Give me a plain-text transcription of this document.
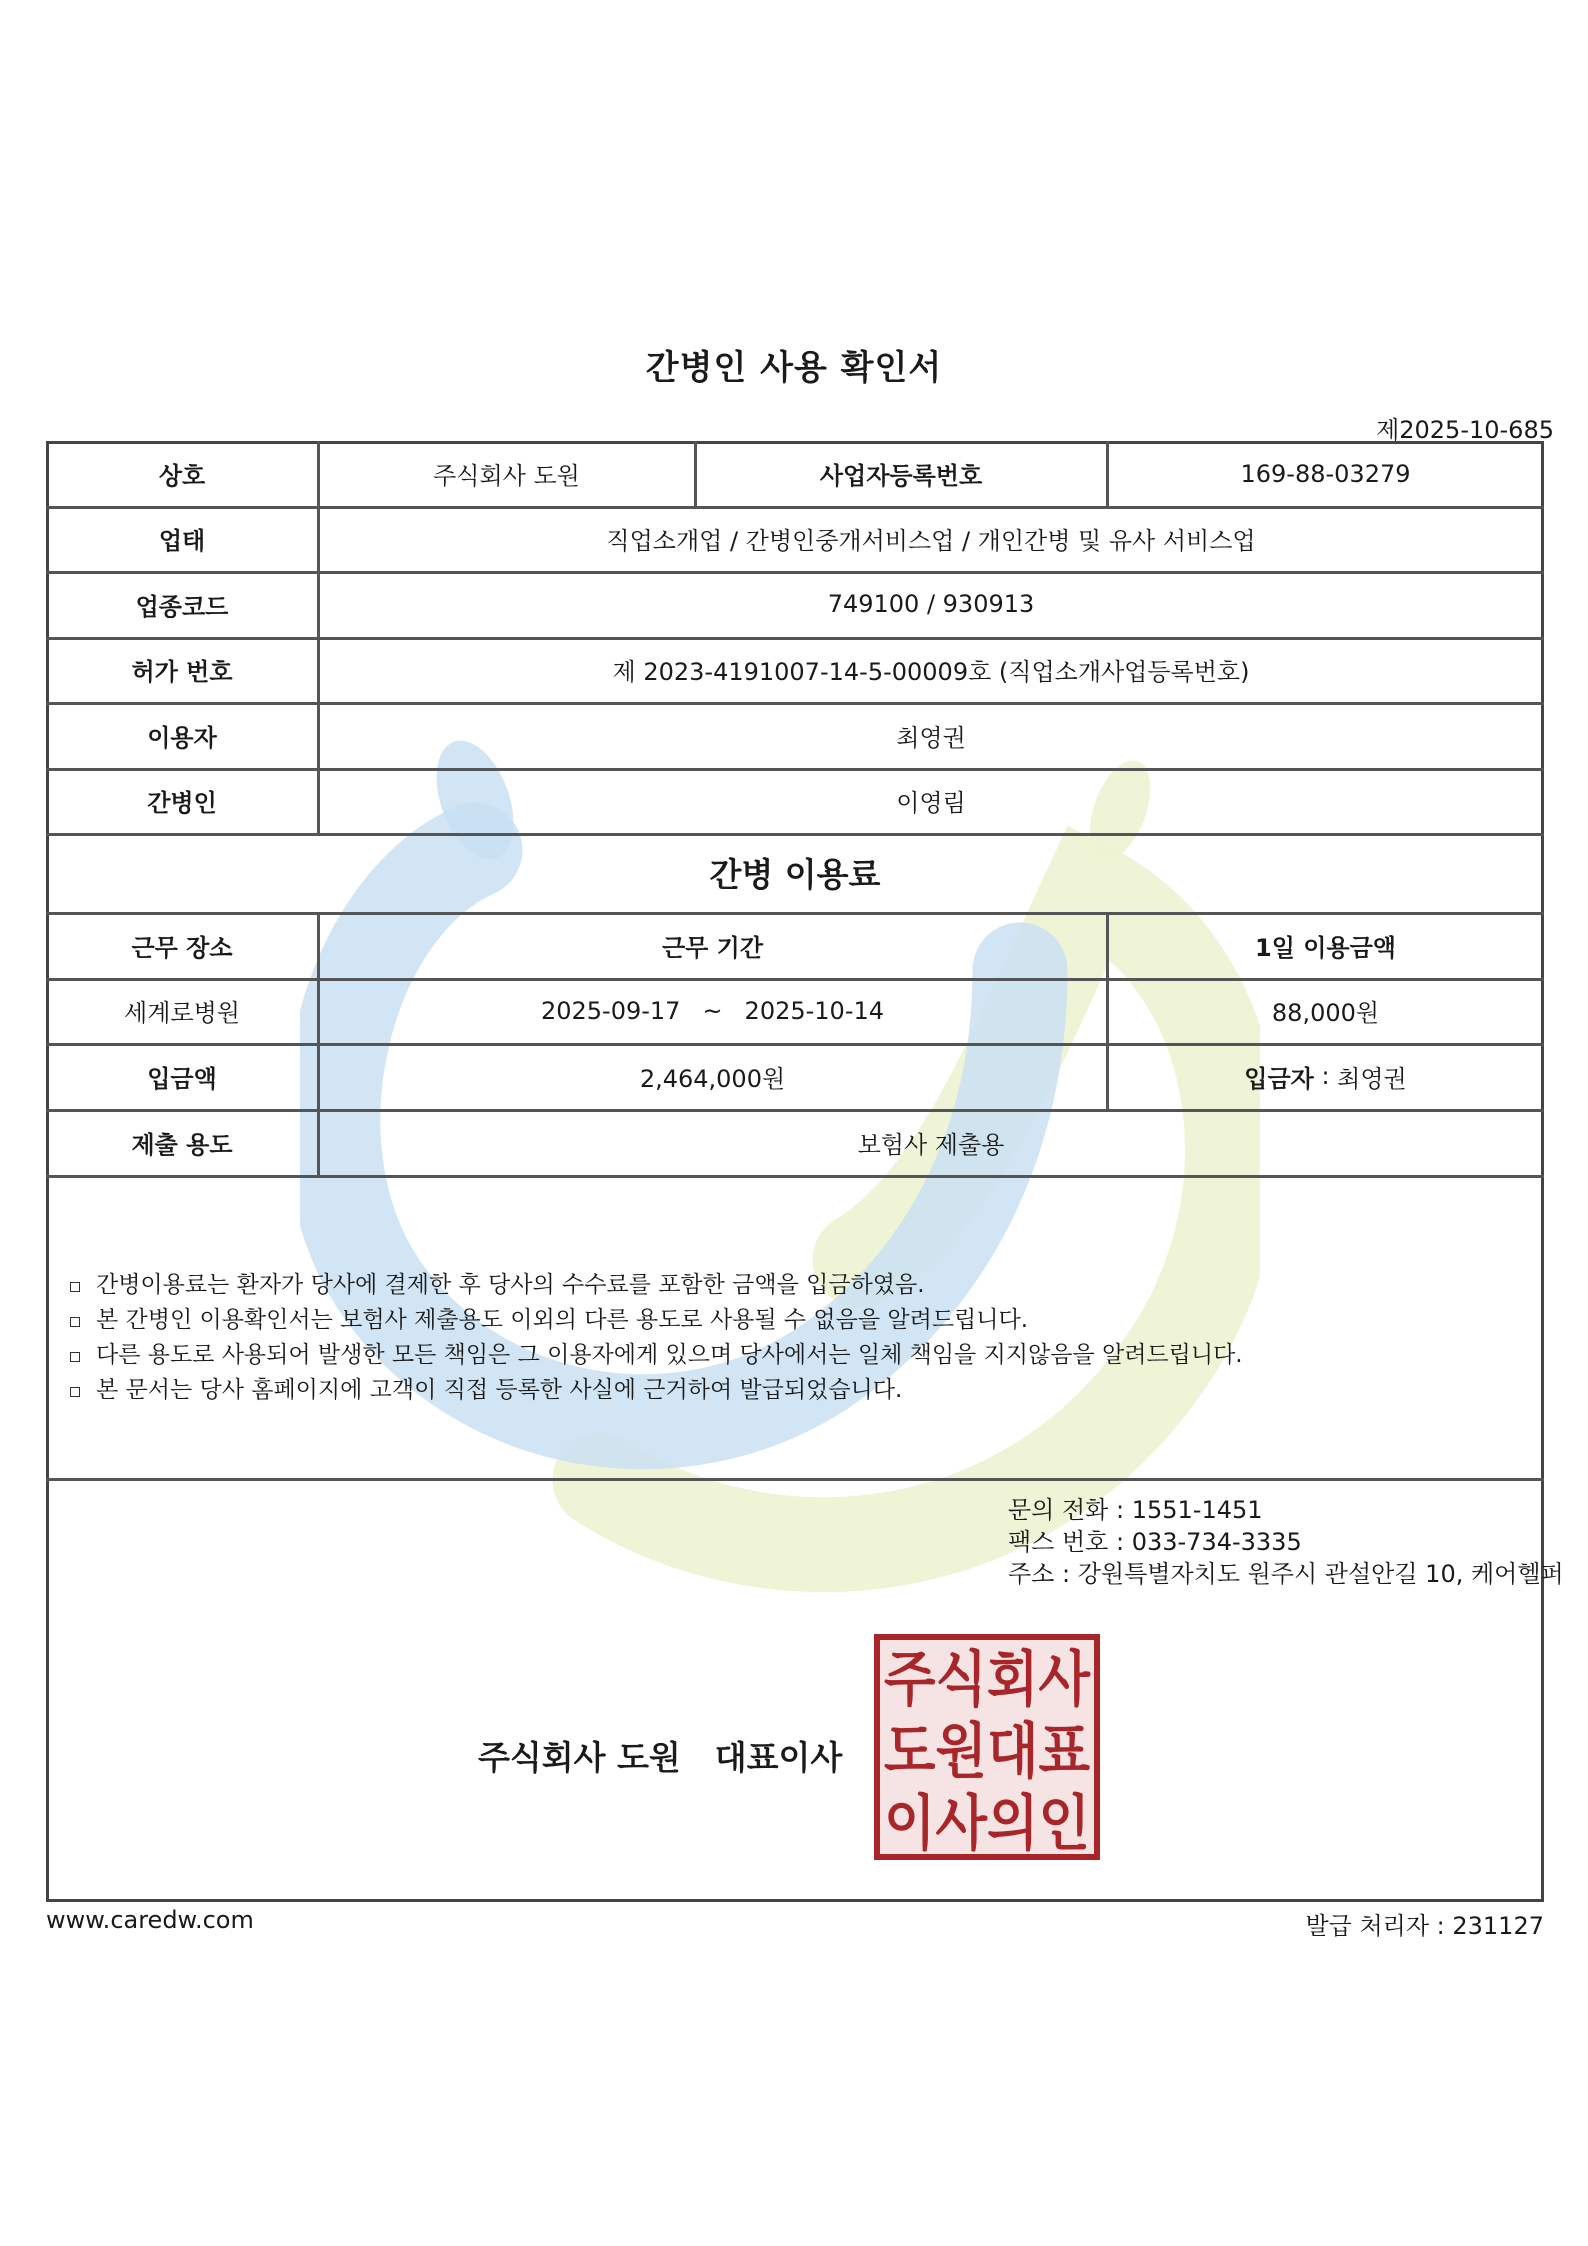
간병인 사용 확인서
제2025-10-685
상호	주식회사 도원	사업자등록번호	169-88-03279
업태	직업소개업 / 간병인중개서비스업 / 개인간병 및 유사 서비스업
업종코드	749100 / 930913
허가 번호	제 2023-4191007-14-5-00009호 (직업소개사업등록번호)
이용자	최영권
간병인	이영림
간병 이용료
근무 장소	근무 기간	1일 이용금액
세계로병원	2025-09-17 ~ 2025-10-14	88,000원
입금액	2,464,000원	입금자 : 최영권
제출 용도	보험사 제출용
간병이용료는 환자가 당사에 결제한 후 당사의 수수료를 포함한 금액을 입금하였음.
본 간병인 이용확인서는 보험사 제출용도 이외의 다른 용도로 사용될 수 없음을 알려드립니다.
다른 용도로 사용되어 발생한 모든 책임은 그 이용자에게 있으며 당사에서는 일체 책임을 지지않음을 알려드립니다.
본 문서는 당사 홈페이지에 고객이 직접 등록한 사실에 근거하여 발급되었습니다.
문의 전화 : 1551-1451
팩스 번호 : 033-734-3335
주소 : 강원특별자치도 원주시 관설안길 10, 케어헬퍼
주식회사 도원 대표이사
주식회사
도원대표
이사의인
www.caredw.com	발급 처리자 : 231127
